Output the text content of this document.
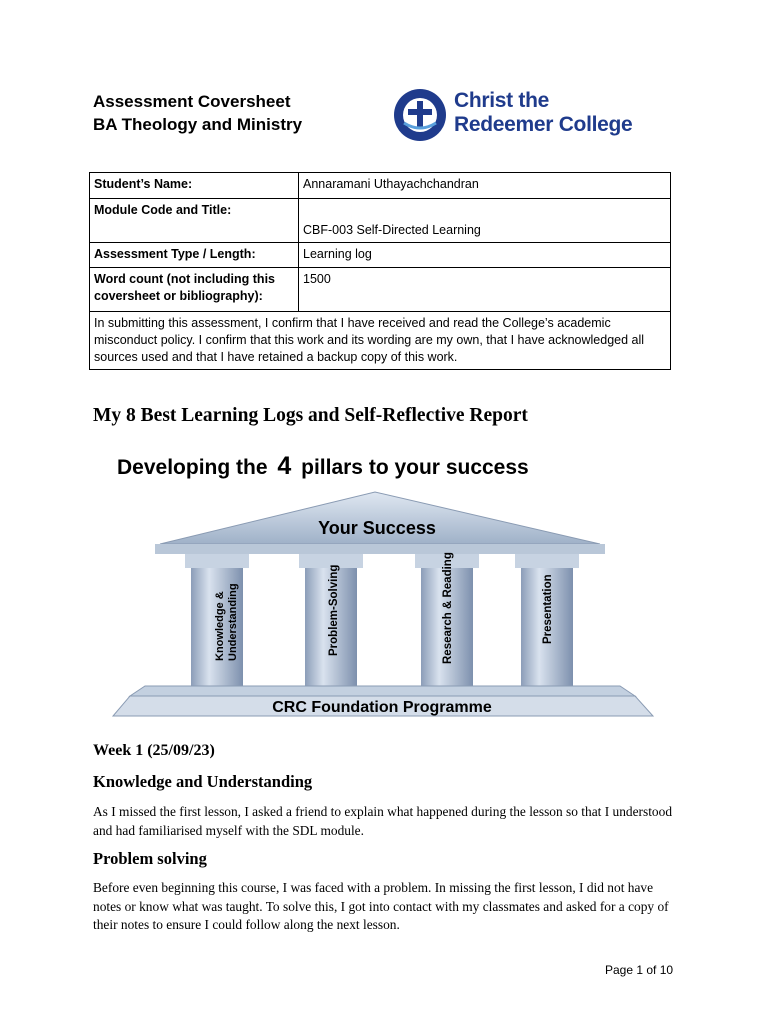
Assessment Coversheet
BA Theology and Ministry
Christ the
Redeemer College
Student’s Name:	Annaramani Uthayachchandran
Module Code and Title:	CBF-003 Self-Directed Learning
Assessment Type / Length:	Learning log
Word count (not including this coversheet or bibliography):	1500
In submitting this assessment, I confirm that I have received and read the College’s academic misconduct policy. I confirm that this work and its wording are my own, that I have acknowledged all sources used and that I have retained a backup copy of this work.	
My 8 Best Learning Logs and Self-Reflective Report
Developing the 4 pillars to your success
Your Success
Knowledge & Understanding	Problem-Solving	Research & Reading	Presentation
CRC Foundation Programme
Week 1 (25/09/23)
Knowledge and Understanding
As I missed the first lesson, I asked a friend to explain what happened during the lesson so that I understood and had familiarised myself with the SDL module.
Problem solving
Before even beginning this course, I was faced with a problem. In missing the first lesson, I did not have notes or know what was taught. To solve this, I got into contact with my classmates and asked for a copy of their notes to ensure I could follow along the next lesson.
Page 1 of 10
